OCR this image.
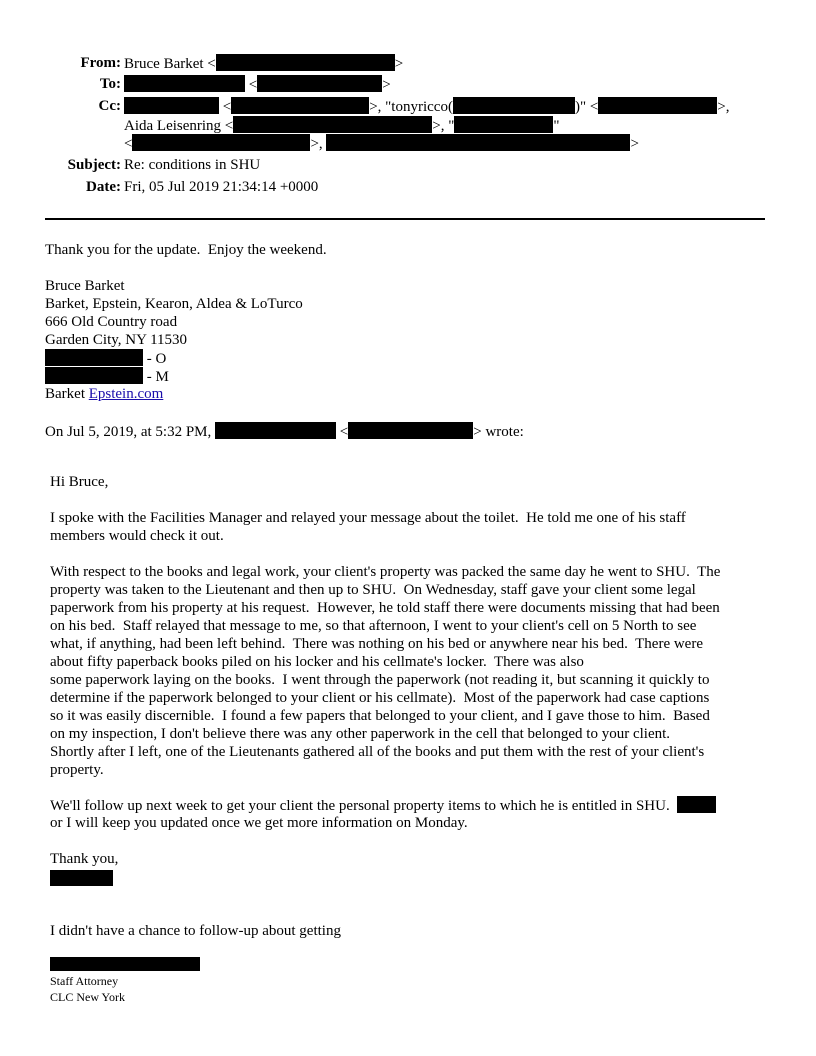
From: Bruce Barket <	>
To:	<	>
Cc:	<	>, "tonyricco(	)" <	>,
Aida Leisenring <	>, "	"
<	>,	>
Subject: Re: conditions in SHU
Date: Fri, 05 Jul 2019 21:34:14 +0000
Thank you for the update.  Enjoy the weekend.
Bruce Barket
Barket, Epstein, Kearon, Aldea & LoTurco
666 Old Country road
Garden City, NY 11530
- O
- M
Barket Epstein.com
On Jul 5, 2019, at 5:32 PM,	<	> wrote:
Hi Bruce,
I spoke with the Facilities Manager and relayed your message about the toilet.  He told me one of his staff
members would check it out.
With respect to the books and legal work, your client's property was packed the same day he went to SHU.  The
property was taken to the Lieutenant and then up to SHU.  On Wednesday, staff gave your client some legal
paperwork from his property at his request.  However, he told staff there were documents missing that had been
on his bed.  Staff relayed that message to me, so that afternoon, I went to your client's cell on 5 North to see
what, if anything, had been left behind.  There was nothing on his bed or anywhere near his bed.  There were
about fifty paperback books piled on his locker and his cellmate's locker.  There was also
some paperwork laying on the books.  I went through the paperwork (not reading it, but scanning it quickly to
determine if the paperwork belonged to your client or his cellmate).  Most of the paperwork had case captions
so it was easily discernible.  I found a few papers that belonged to your client, and I gave those to him.  Based
on my inspection, I don't believe there was any other paperwork in the cell that belonged to your client.
Shortly after I left, one of the Lieutenants gathered all of the books and put them with the rest of your client's
property.
We'll follow up next week to get your client the personal property items to which he is entitled in SHU.
or I will keep you updated once we get more information on Monday.
Thank you,
I didn't have a chance to follow-up about getting
Staff Attorney
CLC New York
